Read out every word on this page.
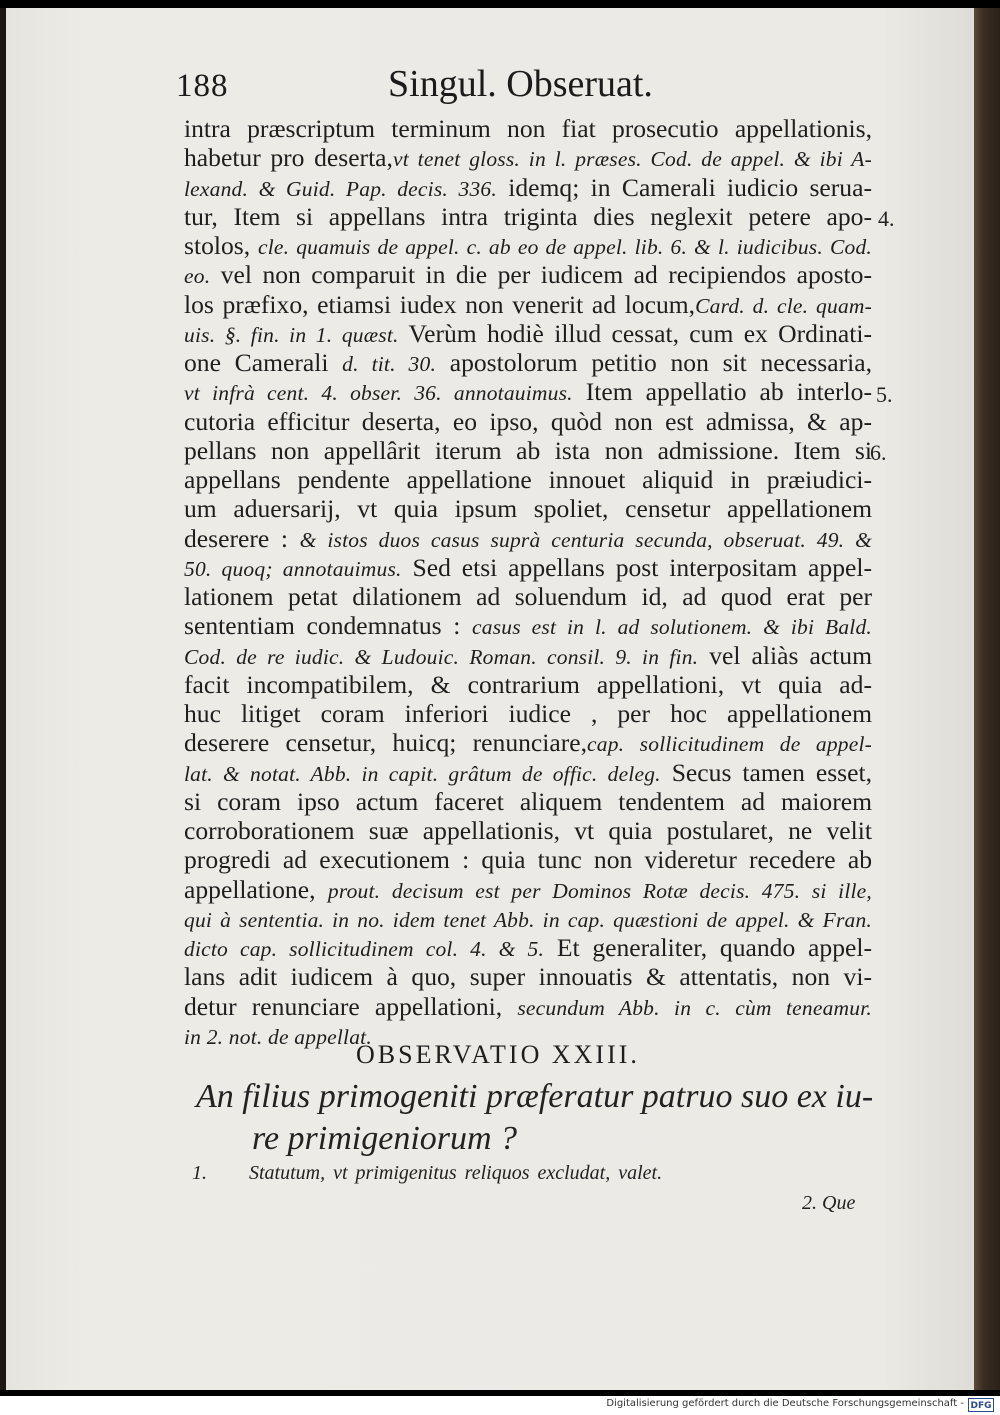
188	Singul. Obseruat.
intra præscriptum terminum non fiat prosecutio appellationis,
habetur pro deserta,vt tenet gloss. in l. præses. Cod. de appel. & ibi A-
lexand. & Guid. Pap. decis. 336. idemq; in Camerali iudicio serua-
tur, Item si appellans intra triginta dies neglexit petere apo-
stolos, cle. quamuis de appel. c. ab eo de appel. lib. 6. & l. iudicibus. Cod.
eo. vel non comparuit in die per iudicem ad recipiendos aposto-
los præfixo, etiamsi iudex non venerit ad locum,Card. d. cle. quam-
uis. §. fin. in 1. quæst. Verùm hodiè illud cessat, cum ex Ordinati-
one Camerali d. tit. 30. apostolorum petitio non sit necessaria,
vt infrà cent. 4. obser. 36. annotauimus. Item appellatio ab interlo-
cutoria efficitur deserta, eo ipso, quòd non est admissa, & ap-
pellans non appellârit iterum ab ista non admissione. Item si
appellans pendente appellatione innouet aliquid in præiudici-
um aduersarij, vt quia ipsum spoliet, censetur appellationem
deserere : & istos duos casus suprà centuria secunda, obseruat. 49. &
50. quoq; annotauimus. Sed etsi appellans post interpositam appel-
lationem petat dilationem ad soluendum id, ad quod erat per
sententiam condemnatus : casus est in l. ad solutionem. & ibi Bald.
Cod. de re iudic. & Ludouic. Roman. consil. 9. in fin. vel aliàs actum
facit incompatibilem, & contrarium appellationi, vt quia ad-
huc litiget coram inferiori iudice , per hoc appellationem
deserere censetur, huicq; renunciare,cap. sollicitudinem de appel-
lat. & notat. Abb. in capit. grâtum de offic. deleg. Secus tamen esset,
si coram ipso actum faceret aliquem tendentem ad maiorem
corroborationem suæ appellationis, vt quia postularet, ne velit
progredi ad executionem : quia tunc non videretur recedere ab
appellatione, prout. decisum est per Dominos Rotæ decis. 475. si ille,
qui à sententia. in no. idem tenet Abb. in cap. quæstioni de appel. & Fran.
dicto cap. sollicitudinem col. 4. & 5. Et generaliter, quando appel-
lans adit iudicem à quo, super innouatis & attentatis, non vi-
detur renunciare appellationi, secundum Abb. in c. cùm teneamur.
in 2. not. de appellat.
4.
5.
6.
OBSERVATIO XXIII.
An filius primogeniti præferatur patruo suo ex iu-
re primigeniorum ?
1. Statutum, vt primigenitus reliquos excludat, valet.
2. Que
Digitalisierung gefördert durch die Deutsche Forschungsgemeinschaft - DFG
